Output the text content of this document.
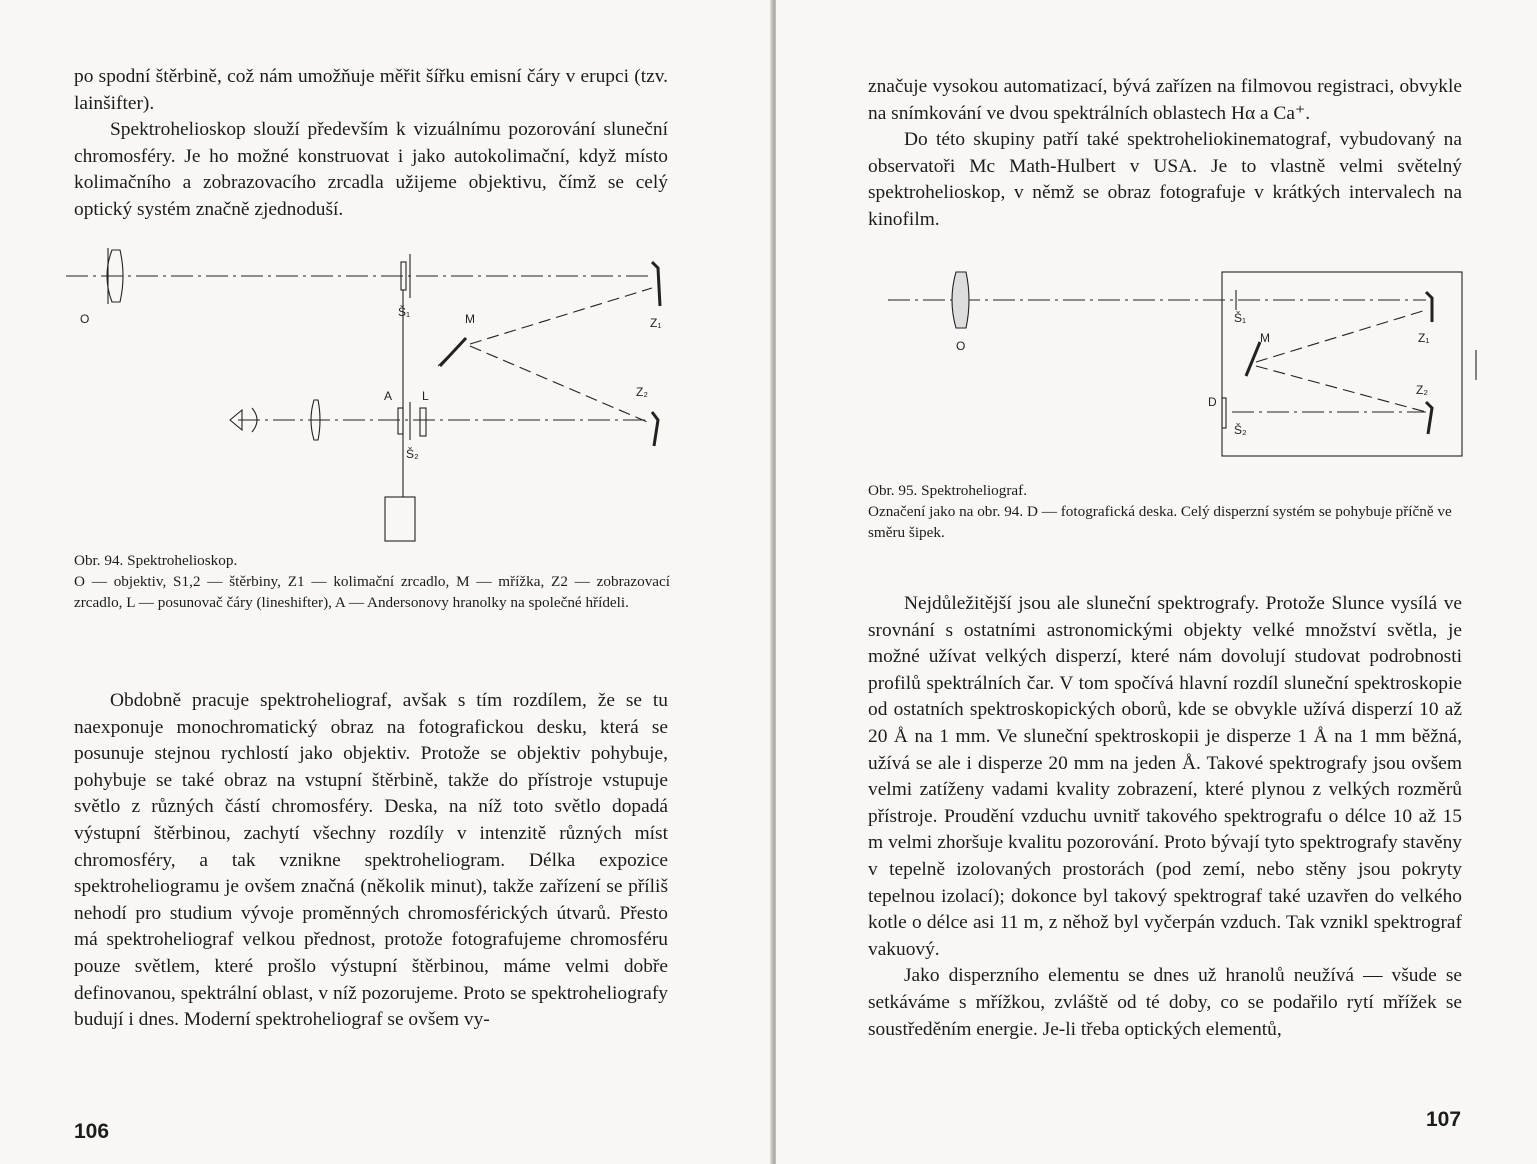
po spodní štěrbině, což nám umožňuje měřit šířku emisní čáry v erupci (tzv. lainšifter).

Spektrohelioskop slouží především k vizuálnímu pozorování sluneční chromosféry. Je ho možné konstruovat i jako autokolimační, když místo kolimačního a zobrazovacího zrcadla užijeme objektivu, čímž se celý optický systém značně zjednoduší.

O	Š₁	M	Z₁
Z₂
A L
Š₂

Obr. 94. Spektrohelioskop.

O — objektiv, S1,2 — štěrbiny, Z1 — kolimační zrcadlo, M — mřížka, Z2 — zobrazovací zrcadlo, L — posunovač čáry (lineshifter), A — Andersonovy hranolky na společné hřídeli.

Obdobně pracuje spektroheliograf, avšak s tím rozdílem, že se tu naexponuje monochromatický obraz na fotografickou desku, která se posunuje stejnou rychlostí jako objektiv. Protože se objektiv pohybuje, pohybuje se také obraz na vstupní štěrbině, takže do přístroje vstupuje světlo z různých částí chromosféry. Deska, na níž toto světlo dopadá výstupní štěrbinou, zachytí všechny rozdíly v intenzitě různých míst chromosféry, a tak vznikne spektroheliogram. Délka expozice spektroheliogramu je ovšem značná (několik minut), takže zařízení se příliš nehodí pro studium vývoje proměnných chromosférických útvarů. Přesto má spektroheliograf velkou přednost, protože fotografujeme chromosféru pouze světlem, které prošlo výstupní štěrbinou, máme velmi dobře definovanou, spektrální oblast, v níž pozorujeme. Proto se spektroheliografy budují i dnes. Moderní spektroheliograf se ovšem vy-

106

značuje vysokou automatizací, bývá zařízen na filmovou registraci, obvykle na snímkování ve dvou spektrálních oblastech Hα a Ca⁺.

Do této skupiny patří také spektroheliokinematograf, vybudovaný na observatoři Mc Math-Hulbert v USA. Je to vlastně velmi světelný spektrohelioskop, v němž se obraz fotografuje v krátkých intervalech na kinofilm.

O
Š₁
M	Z₁
Z₂
D
Š₂

Obr. 95. Spektroheliograf.

Označení jako na obr. 94. D — fotografická deska. Celý disperzní systém se pohybuje příčně ve směru šipek.

Nejdůležitější jsou ale sluneční spektrografy. Protože Slunce vysílá ve srovnání s ostatními astronomickými objekty velké množství světla, je možné užívat velkých disperzí, které nám dovolují studovat podrobnosti profilů spektrálních čar. V tom spočívá hlavní rozdíl sluneční spektroskopie od ostatních spektroskopických oborů, kde se obvykle užívá disperzí 10 až 20 Å na 1 mm. Ve sluneční spektroskopii je disperze 1 Å na 1 mm běžná, užívá se ale i disperze 20 mm na jeden Å. Takové spektrografy jsou ovšem velmi zatíženy vadami kvality zobrazení, které plynou z velkých rozměrů přístroje. Proudění vzduchu uvnitř takového spektrografu o délce 10 až 15 m velmi zhoršuje kvalitu pozorování. Proto bývají tyto spektrografy stavěny v tepelně izolovaných prostorách (pod zemí, nebo stěny jsou pokryty tepelnou izolací); dokonce byl takový spektrograf také uzavřen do velkého kotle o délce asi 11 m, z něhož byl vyčerpán vzduch. Tak vznikl spektrograf vakuový.

Jako disperzního elementu se dnes už hranolů neužívá — všude se setkáváme s mřížkou, zvláště od té doby, co se podařilo rytí mřížek se soustředěním energie. Je-li třeba optických elementů,

107
